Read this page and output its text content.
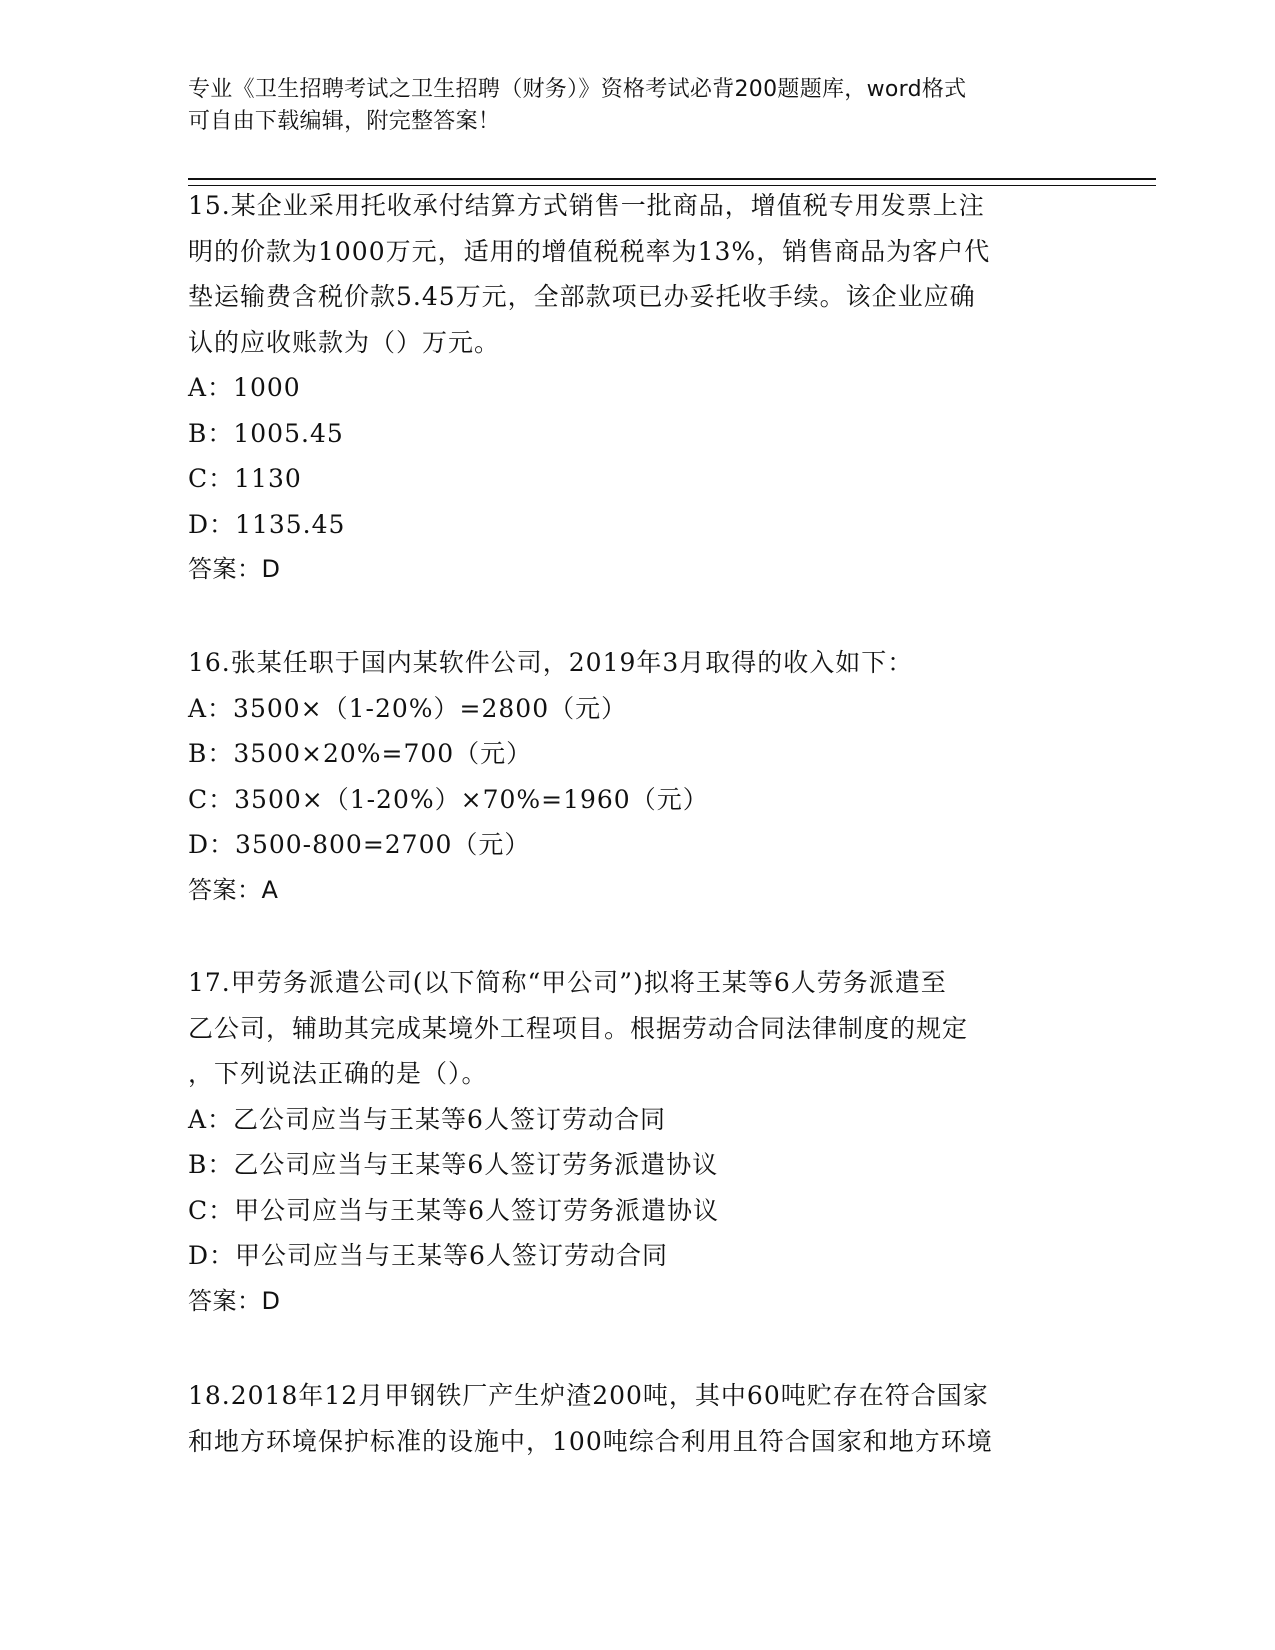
专业《卫生招聘考试之卫生招聘（财务）》资格考试必背200题题库，word格式
可自由下载编辑，附完整答案！
15.某企业采用托收承付结算方式销售一批商品，增值税专用发票上注
明的价款为1000万元，适用的增值税税率为13%，销售商品为客户代
垫运输费含税价款5.45万元，全部款项已办妥托收手续。该企业应确
认的应收账款为（）万元。
A：1000
B：1005.45
C：1130
D：1135.45
答案：D
16.张某任职于国内某软件公司，2019年3月取得的收入如下：
A：3500×（1-20%）=2800（元）
B：3500×20%=700（元）
C：3500×（1-20%）×70%=1960（元）
D：3500-800=2700（元）
答案：A
17.甲劳务派遣公司(以下简称“甲公司”)拟将王某等6人劳务派遣至
乙公司，辅助其完成某境外工程项目。根据劳动合同法律制度的规定
，下列说法正确的是（）。
A：乙公司应当与王某等6人签订劳动合同
B：乙公司应当与王某等6人签订劳务派遣协议
C：甲公司应当与王某等6人签订劳务派遣协议
D：甲公司应当与王某等6人签订劳动合同
答案：D
18.2018年12月甲钢铁厂产生炉渣200吨，其中60吨贮存在符合国家
和地方环境保护标准的设施中，100吨综合利用且符合国家和地方环境
